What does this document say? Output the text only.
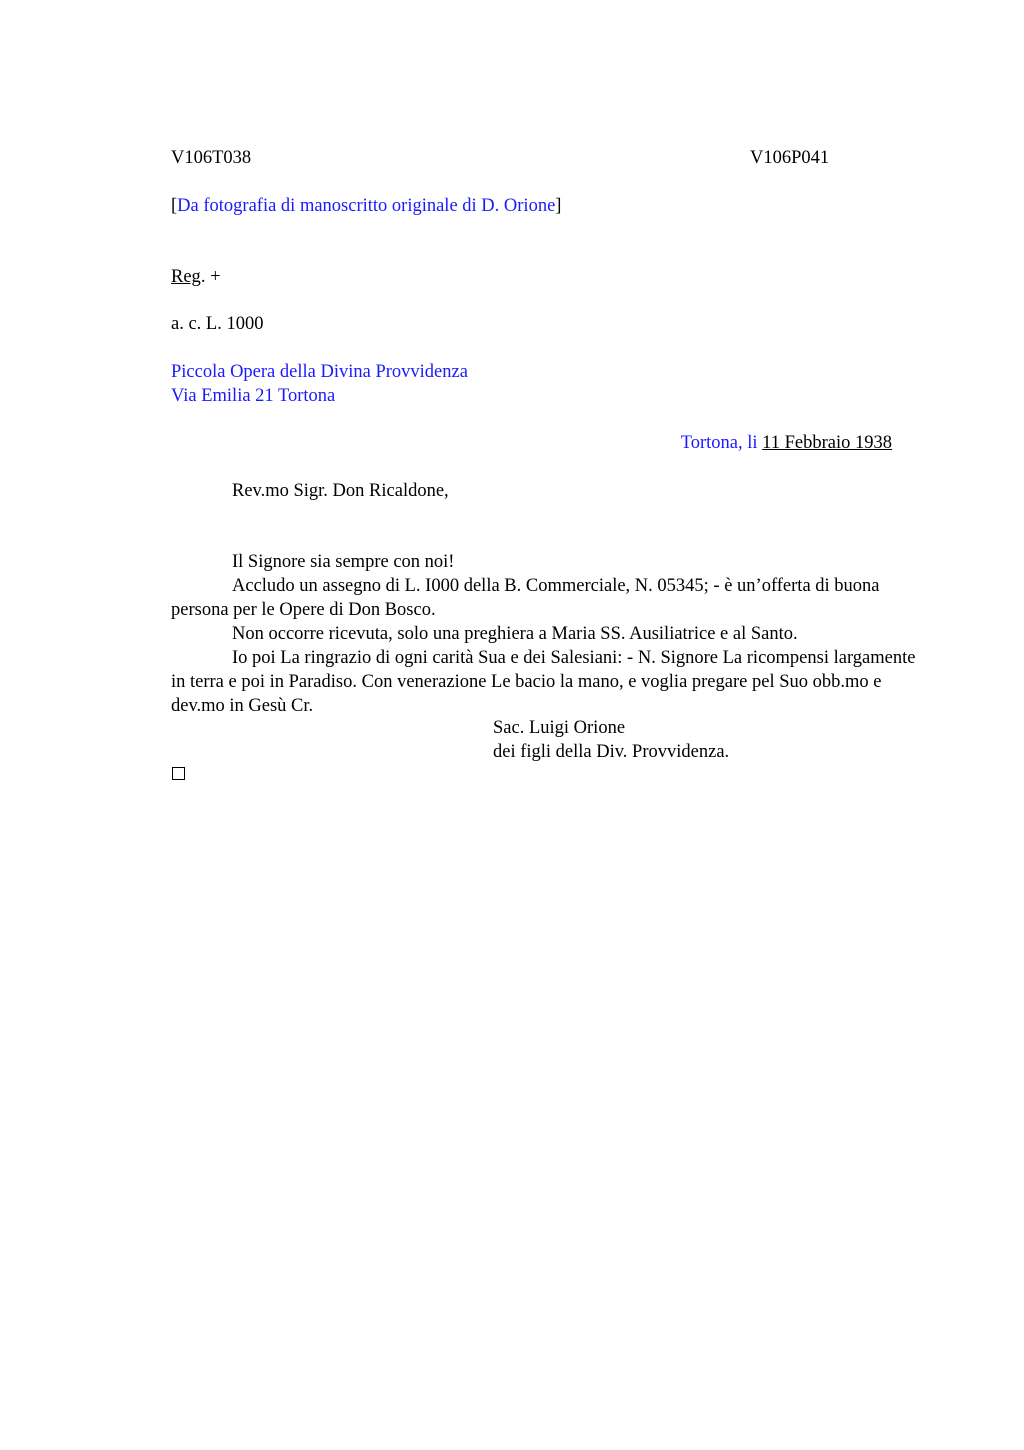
V106T038	V106P041
[Da fotografia di manoscritto originale di D. Orione]
Reg. +
a. c. L. 1000
Piccola Opera della Divina Provvidenza
Via Emilia 21 Tortona
Tortona, li 11 Febbraio 1938
Rev.mo Sigr. Don Ricaldone,

Il Signore sia sempre con noi!

Accludo un assegno di L. I000 della B. Commerciale, N. 05345; - è un’offerta di buona persona per le Opere di Don Bosco.

Non occorre ricevuta, solo una preghiera a Maria SS. Ausiliatrice e al Santo.

Io poi La ringrazio di ogni carità Sua e dei Salesiani: - N. Signore La ricompensi largamente in terra e poi in Paradiso. Con venerazione Le bacio la mano, e voglia pregare pel Suo obb.mo e dev.mo in Gesù Cr.

Sac. Luigi Orione
dei figli della Div. Provvidenza.
